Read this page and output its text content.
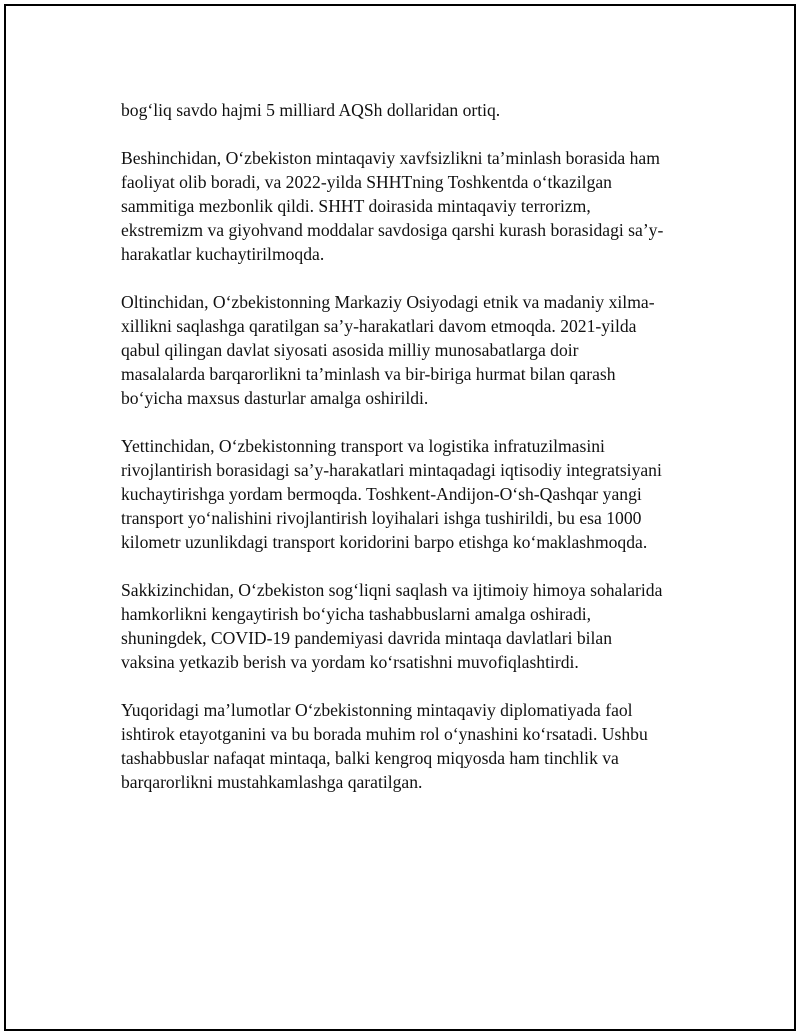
bog‘liq savdo hajmi 5 milliard AQSh dollaridan ortiq.

Beshinchidan, O‘zbekiston mintaqaviy xavfsizlikni ta’minlash borasida ham
faoliyat olib boradi, va 2022-yilda SHHTning Toshkentda o‘tkazilgan
sammitiga mezbonlik qildi. SHHT doirasida mintaqaviy terrorizm,
ekstremizm va giyohvand moddalar savdosiga qarshi kurash borasidagi sa’y-
harakatlar kuchaytirilmoqda.

Oltinchidan, O‘zbekistonning Markaziy Osiyodagi etnik va madaniy xilma-
xillikni saqlashga qaratilgan sa’y-harakatlari davom etmoqda. 2021-yilda
qabul qilingan davlat siyosati asosida milliy munosabatlarga doir
masalalarda barqarorlikni ta’minlash va bir-biriga hurmat bilan qarash
bo‘yicha maxsus dasturlar amalga oshirildi.

Yettinchidan, O‘zbekistonning transport va logistika infratuzilmasini
rivojlantirish borasidagi sa’y-harakatlari mintaqadagi iqtisodiy integratsiyani
kuchaytirishga yordam bermoqda. Toshkent-Andijon-O‘sh-Qashqar yangi
transport yo‘nalishini rivojlantirish loyihalari ishga tushirildi, bu esa 1000
kilometr uzunlikdagi transport koridorini barpo etishga ko‘maklashmoqda.

Sakkizinchidan, O‘zbekiston sog‘liqni saqlash va ijtimoiy himoya sohalarida
hamkorlikni kengaytirish bo‘yicha tashabbuslarni amalga oshiradi,
shuningdek, COVID-19 pandemiyasi davrida mintaqa davlatlari bilan
vaksina yetkazib berish va yordam ko‘rsatishni muvofiqlashtirdi.

Yuqoridagi ma’lumotlar O‘zbekistonning mintaqaviy diplomatiyada faol
ishtirok etayotganini va bu borada muhim rol o‘ynashini ko‘rsatadi. Ushbu
tashabbuslar nafaqat mintaqa, balki kengroq miqyosda ham tinchlik va
barqarorlikni mustahkamlashga qaratilgan.
